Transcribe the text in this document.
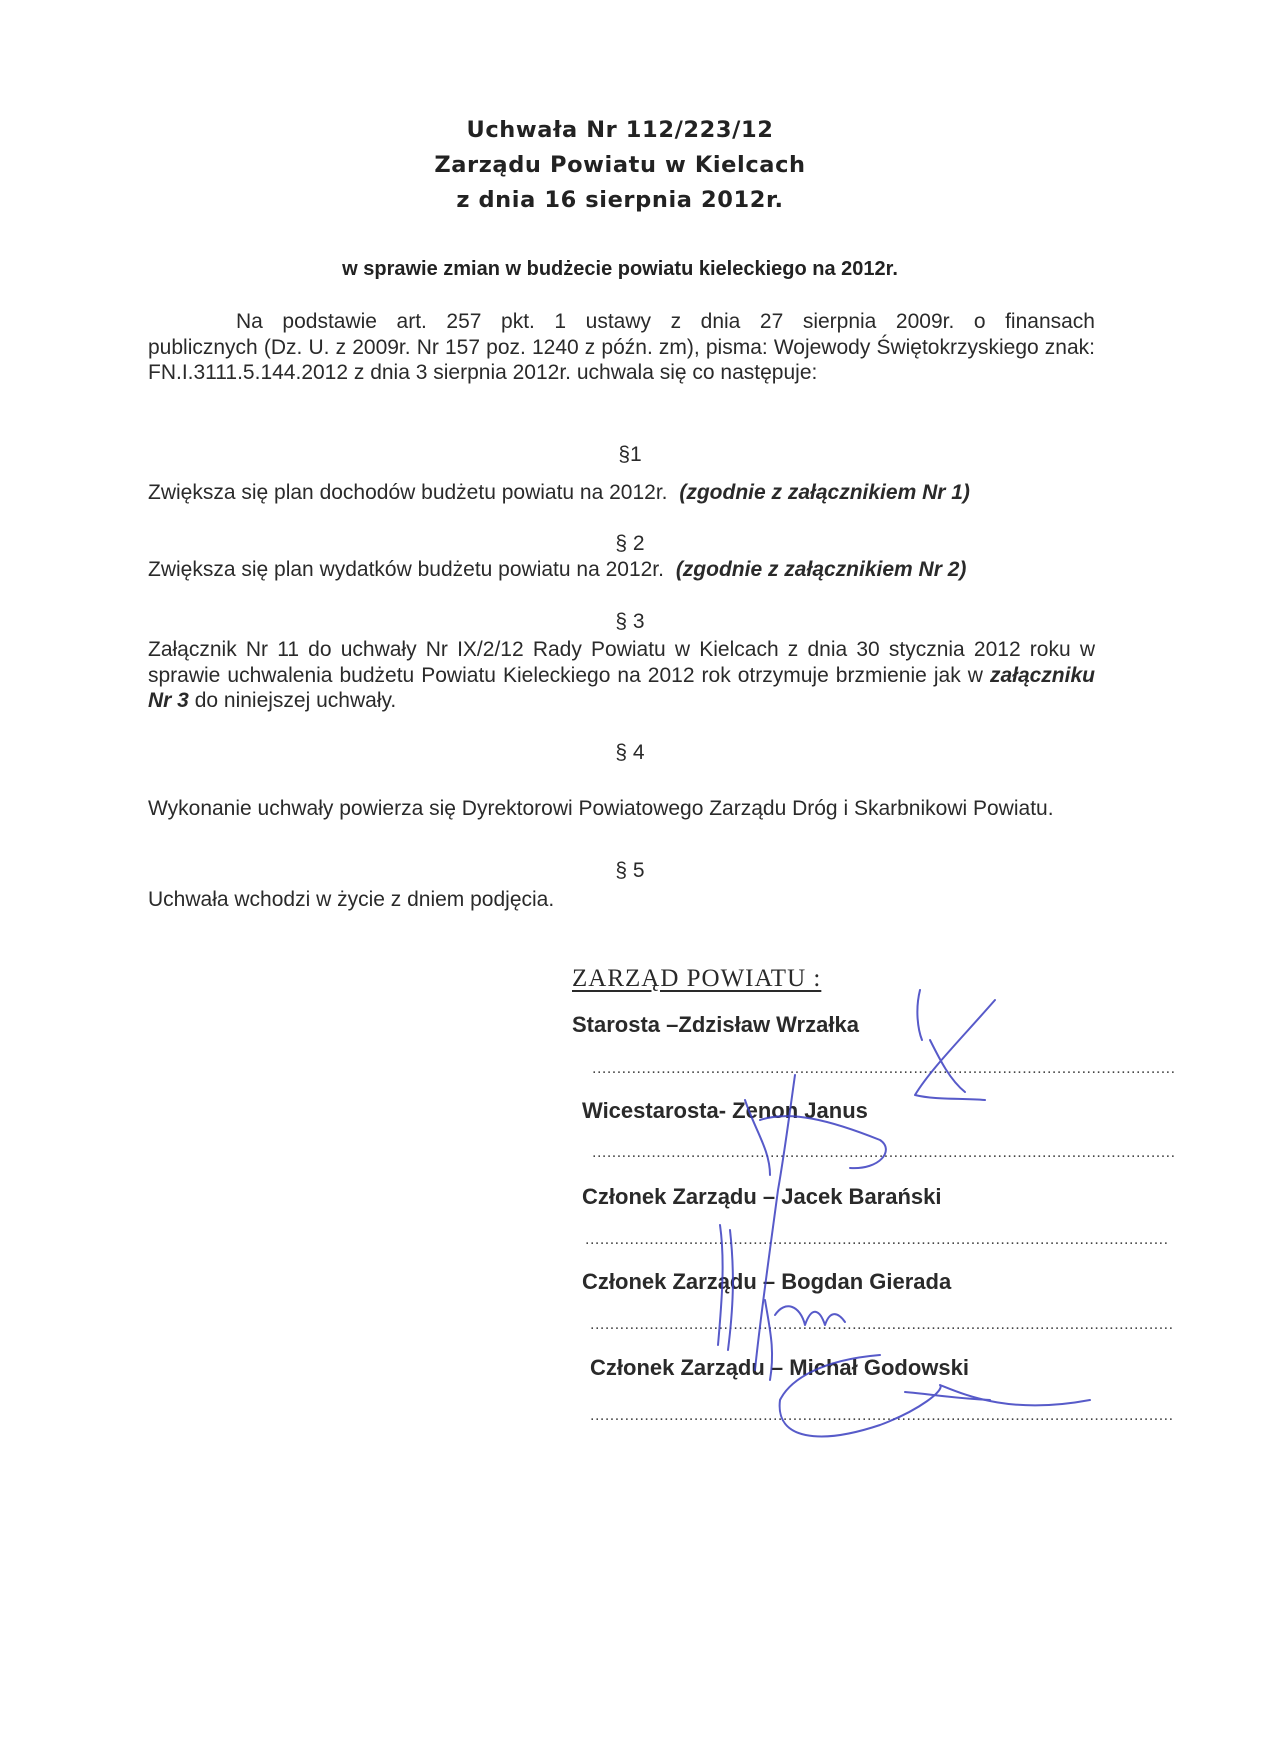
Uchwała Nr 112/223/12
Zarządu Powiatu w Kielcach
z dnia 16 sierpnia 2012r.
w sprawie zmian w budżecie powiatu kieleckiego na 2012r.
Na podstawie art. 257 pkt. 1 ustawy z dnia 27 sierpnia 2009r. o finansach
publicznych (Dz. U. z 2009r. Nr 157 poz. 1240 z późn. zm), pisma: Wojewody Świętokrzyskiego znak: FN.I.3111.5.144.2012 z dnia 3 sierpnia 2012r. uchwala się co następuje:
§1
Zwiększa się plan dochodów budżetu powiatu na 2012r. (zgodnie z załącznikiem Nr 1)
§ 2
Zwiększa się plan wydatków budżetu powiatu na 2012r. (zgodnie z załącznikiem Nr 2)
§ 3
Załącznik Nr 11 do uchwały Nr IX/2/12 Rady Powiatu w Kielcach z dnia 30 stycznia 2012 roku w sprawie uchwalenia budżetu Powiatu Kieleckiego na 2012 rok otrzymuje brzmienie jak w załączniku Nr 3 do niniejszej uchwały.
§ 4
Wykonanie uchwały powierza się Dyrektorowi Powiatowego Zarządu Dróg i Skarbnikowi Powiatu.
§ 5
Uchwała wchodzi w życie z dniem podjęcia.
ZARZĄD POWIATU :
Starosta –Zdzisław Wrzałka
......................................................................................................................
Wicestarosta- Zenon Janus
......................................................................................................................
Członek Zarządu – Jacek Barański
......................................................................................................................
Członek Zarządu – Bogdan Gierada
......................................................................................................................
Członek Zarządu – Michał Godowski
......................................................................................................................
